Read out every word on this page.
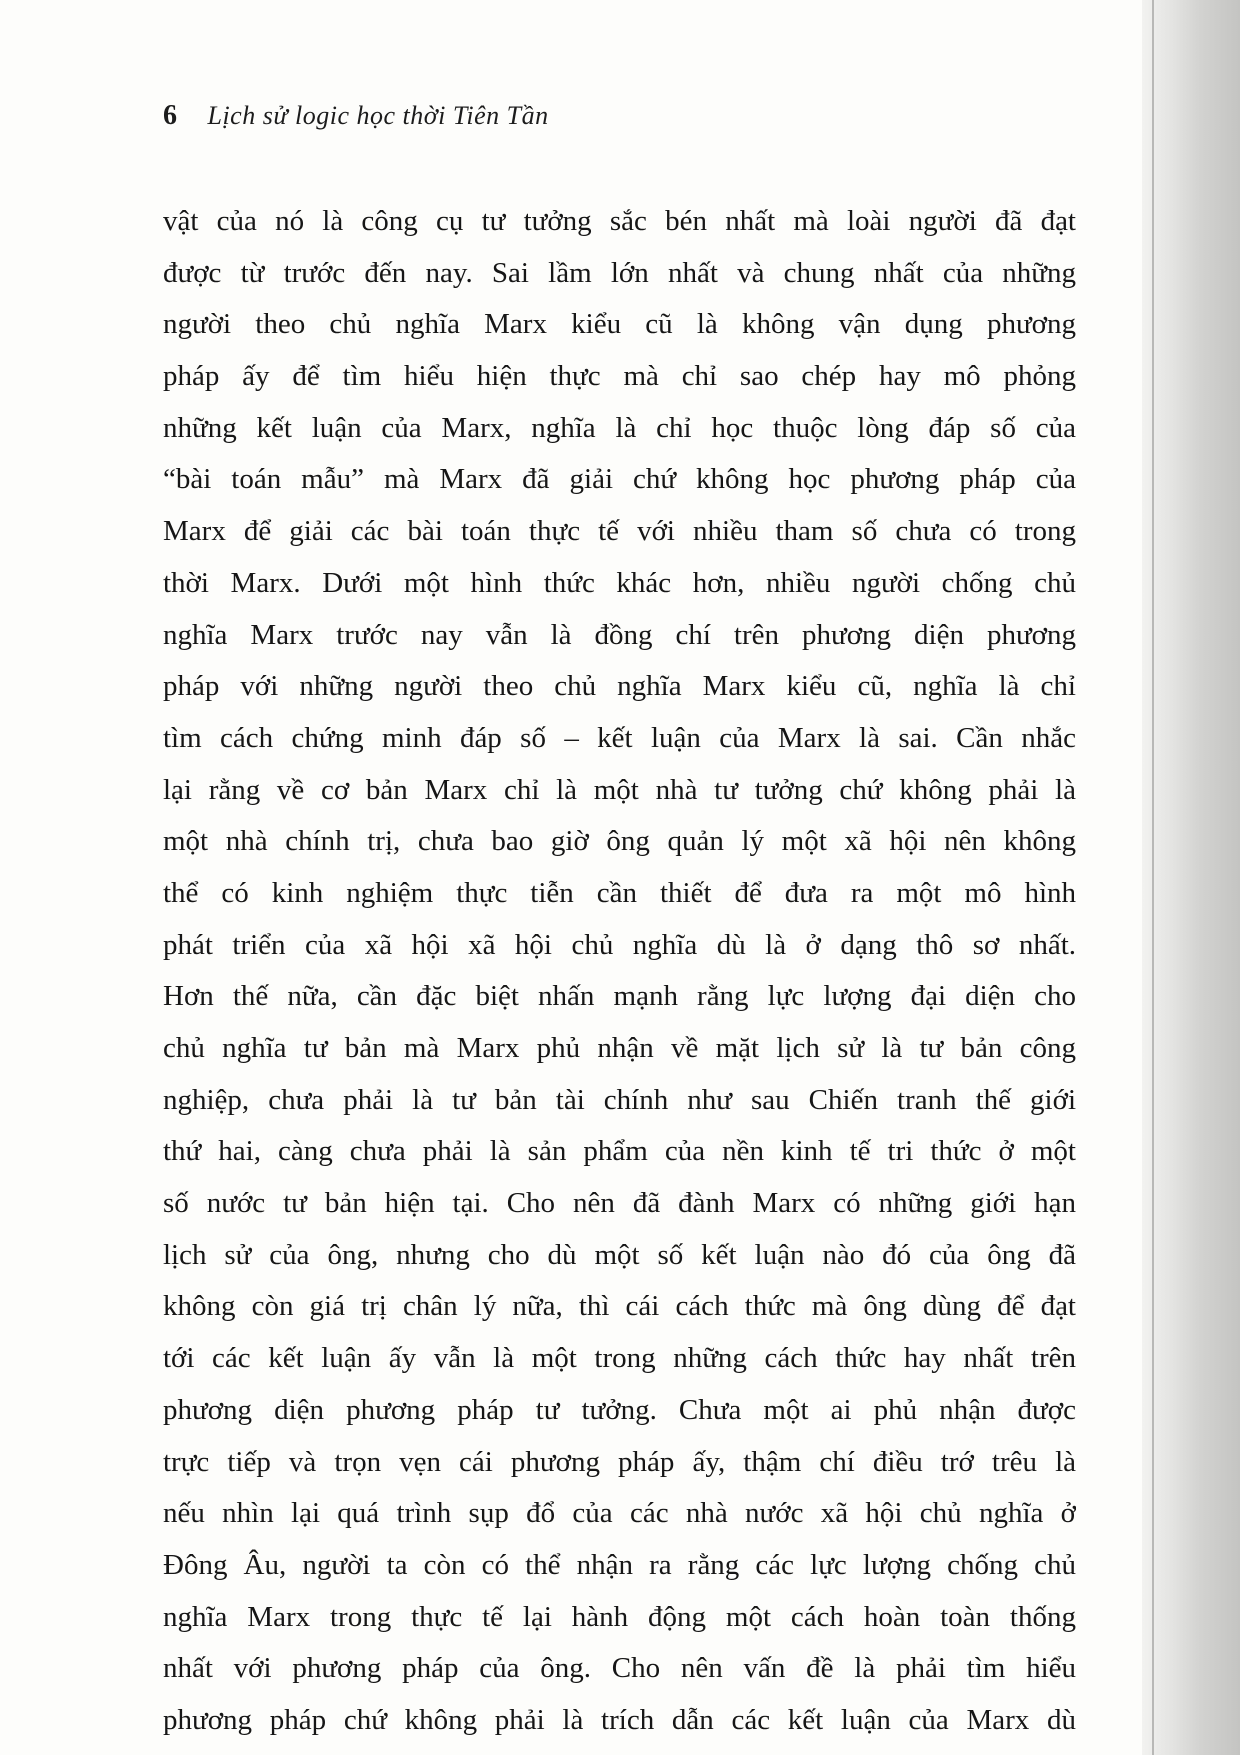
6 Lịch sử logic học thời Tiên Tần
vật của nó là công cụ tư tưởng sắc bén nhất mà loài người đã đạt
được từ trước đến nay. Sai lầm lớn nhất và chung nhất của những
người theo chủ nghĩa Marx kiểu cũ là không vận dụng phương
pháp ấy để tìm hiểu hiện thực mà chỉ sao chép hay mô phỏng
những kết luận của Marx, nghĩa là chỉ học thuộc lòng đáp số của
“bài toán mẫu” mà Marx đã giải chứ không học phương pháp của
Marx để giải các bài toán thực tế với nhiều tham số chưa có trong
thời Marx. Dưới một hình thức khác hơn, nhiều người chống chủ
nghĩa Marx trước nay vẫn là đồng chí trên phương diện phương
pháp với những người theo chủ nghĩa Marx kiểu cũ, nghĩa là chỉ
tìm cách chứng minh đáp số – kết luận của Marx là sai. Cần nhắc
lại rằng về cơ bản Marx chỉ là một nhà tư tưởng chứ không phải là
một nhà chính trị, chưa bao giờ ông quản lý một xã hội nên không
thể có kinh nghiệm thực tiễn cần thiết để đưa ra một mô hình
phát triển của xã hội xã hội chủ nghĩa dù là ở dạng thô sơ nhất.
Hơn thế nữa, cần đặc biệt nhấn mạnh rằng lực lượng đại diện cho
chủ nghĩa tư bản mà Marx phủ nhận về mặt lịch sử là tư bản công
nghiệp, chưa phải là tư bản tài chính như sau Chiến tranh thế giới
thứ hai, càng chưa phải là sản phẩm của nền kinh tế tri thức ở một
số nước tư bản hiện tại. Cho nên đã đành Marx có những giới hạn
lịch sử của ông, nhưng cho dù một số kết luận nào đó của ông đã
không còn giá trị chân lý nữa, thì cái cách thức mà ông dùng để đạt
tới các kết luận ấy vẫn là một trong những cách thức hay nhất trên
phương diện phương pháp tư tưởng. Chưa một ai phủ nhận được
trực tiếp và trọn vẹn cái phương pháp ấy, thậm chí điều trớ trêu là
nếu nhìn lại quá trình sụp đổ của các nhà nước xã hội chủ nghĩa ở
Đông Âu, người ta còn có thể nhận ra rằng các lực lượng chống chủ
nghĩa Marx trong thực tế lại hành động một cách hoàn toàn thống
nhất với phương pháp của ông. Cho nên vấn đề là phải tìm hiểu
phương pháp chứ không phải là trích dẫn các kết luận của Marx dù
